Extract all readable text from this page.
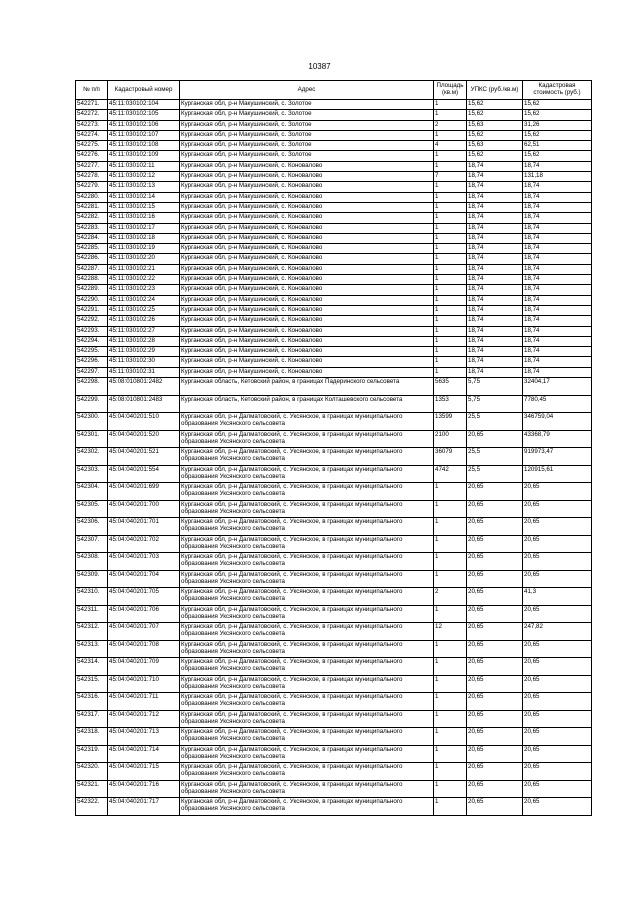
10387
№ п/п	Кадастровый номер	Адрес	Площадь (кв.м)	УПКС (руб./кв.м)	Кадастровая стоимость (руб.)
542271.	45:11:030102:104	Курганская обл, р-н Макушинский, с. Золотое	1	15,62	15,62
542272.	45:11:030102:105	Курганская обл, р-н Макушинский, с. Золотое	1	15,62	15,62
542273.	45:11:030102:106	Курганская обл, р-н Макушинский, с. Золотое	2	15,63	31,26
542274.	45:11:030102:107	Курганская обл, р-н Макушинский, с. Золотое	1	15,62	15,62
542275.	45:11:030102:108	Курганская обл, р-н Макушинский, с. Золотое	4	15,63	62,51
542276.	45:11:030102:109	Курганская обл, р-н Макушинский, с. Золотое	1	15,62	15,62
542277.	45:11:030102:11	Курганская обл, р-н Макушинский, с. Коновалово	1	18,74	18,74
542278.	45:11:030102:12	Курганская обл, р-н Макушинский, с. Коновалово	7	18,74	131,18
542279.	45:11:030102:13	Курганская обл, р-н Макушинский, с. Коновалово	1	18,74	18,74
542280.	45:11:030102:14	Курганская обл, р-н Макушинский, с. Коновалово	1	18,74	18,74
542281.	45:11:030102:15	Курганская обл, р-н Макушинский, с. Коновалово	1	18,74	18,74
542282.	45:11:030102:16	Курганская обл, р-н Макушинский, с. Коновалово	1	18,74	18,74
542283.	45:11:030102:17	Курганская обл, р-н Макушинский, с. Коновалово	1	18,74	18,74
542284.	45:11:030102:18	Курганская обл, р-н Макушинский, с. Коновалово	1	18,74	18,74
542285.	45:11:030102:19	Курганская обл, р-н Макушинский, с. Коновалово	1	18,74	18,74
542286.	45:11:030102:20	Курганская обл, р-н Макушинский, с. Коновалово	1	18,74	18,74
542287.	45:11:030102:21	Курганская обл, р-н Макушинский, с. Коновалово	1	18,74	18,74
542288.	45:11:030102:22	Курганская обл, р-н Макушинский, с. Коновалово	1	18,74	18,74
542289.	45:11:030102:23	Курганская обл, р-н Макушинский, с. Коновалово	1	18,74	18,74
542290.	45:11:030102:24	Курганская обл, р-н Макушинский, с. Коновалово	1	18,74	18,74
542291.	45:11:030102:25	Курганская обл, р-н Макушинский, с. Коновалово	1	18,74	18,74
542292.	45:11:030102:26	Курганская обл, р-н Макушинский, с. Коновалово	1	18,74	18,74
542293.	45:11:030102:27	Курганская обл, р-н Макушинский, с. Коновалово	1	18,74	18,74
542294.	45:11:030102:28	Курганская обл, р-н Макушинский, с. Коновалово	1	18,74	18,74
542295.	45:11:030102:29	Курганская обл, р-н Макушинский, с. Коновалово	1	18,74	18,74
542296.	45:11:030102:30	Курганская обл, р-н Макушинский, с. Коновалово	1	18,74	18,74
542297.	45:11:030102:31	Курганская обл, р-н Макушинский, с. Коновалово	1	18,74	18,74
542298.	45:08:010801:2482	Курганская область, Кетовский район, в границах Падеринского сельсовета	5635	5,75	32404,17
542299.	45:08:010801:2483	Курганская область, Кетовский район, в границах Колташевского сельсовета	1353	5,75	7780,45
542300.	45:04:040201:510	Курганская обл, р-н Далматовский, с. Уксянское, в границах муниципального образования Уксянского сельсовета	13599	25,5	346759,04
542301.	45:04:040201:520	Курганская обл, р-н Далматовский, с. Уксянское, в границах муниципального образования Уксянского сельсовета	2100	20,65	43368,79
542302.	45:04:040201:521	Курганская обл, р-н Далматовский, с. Уксянское, в границах муниципального образования Уксянского сельсовета	36079	25,5	919973,47
542303.	45:04:040201:554	Курганская обл, р-н Далматовский, с. Уксянское, в границах муниципального образования Уксянского сельсовета	4742	25,5	120915,61
542304.	45:04:040201:699	Курганская обл, р-н Далматовский, с. Уксянское, в границах муниципального образования Уксянского сельсовета	1	20,65	20,65
542305.	45:04:040201:700	Курганская обл, р-н Далматовский, с. Уксянское, в границах муниципального образования Уксянского сельсовета	1	20,65	20,65
542306.	45:04:040201:701	Курганская обл, р-н Далматовский, с. Уксянское, в границах муниципального образования Уксянского сельсовета	1	20,65	20,65
542307.	45:04:040201:702	Курганская обл, р-н Далматовский, с. Уксянское, в границах муниципального образования Уксянского сельсовета	1	20,65	20,65
542308.	45:04:040201:703	Курганская обл, р-н Далматовский, с. Уксянское, в границах муниципального образования Уксянского сельсовета	1	20,65	20,65
542309.	45:04:040201:704	Курганская обл, р-н Далматовский, с. Уксянское, в границах муниципального образования Уксянского сельсовета	1	20,65	20,65
542310.	45:04:040201:705	Курганская обл, р-н Далматовский, с. Уксянское, в границах муниципального образования Уксянского сельсовета	2	20,65	41,3
542311.	45:04:040201:706	Курганская обл, р-н Далматовский, с. Уксянское, в границах муниципального образования Уксянского сельсовета	1	20,65	20,65
542312.	45:04:040201:707	Курганская обл, р-н Далматовский, с. Уксянское, в границах муниципального образования Уксянского сельсовета	12	20,65	247,82
542313.	45:04:040201:708	Курганская обл, р-н Далматовский, с. Уксянское, в границах муниципального образования Уксянского сельсовета	1	20,65	20,65
542314.	45:04:040201:709	Курганская обл, р-н Далматовский, с. Уксянское, в границах муниципального образования Уксянского сельсовета	1	20,65	20,65
542315.	45:04:040201:710	Курганская обл, р-н Далматовский, с. Уксянское, в границах муниципального образования Уксянского сельсовета	1	20,65	20,65
542316.	45:04:040201:711	Курганская обл, р-н Далматовский, с. Уксянское, в границах муниципального образования Уксянского сельсовета	1	20,65	20,65
542317.	45:04:040201:712	Курганская обл, р-н Далматовский, с. Уксянское, в границах муниципального образования Уксянского сельсовета	1	20,65	20,65
542318.	45:04:040201:713	Курганская обл, р-н Далматовский, с. Уксянское, в границах муниципального образования Уксянского сельсовета	1	20,65	20,65
542319.	45:04:040201:714	Курганская обл, р-н Далматовский, с. Уксянское, в границах муниципального образования Уксянского сельсовета	1	20,65	20,65
542320.	45:04:040201:715	Курганская обл, р-н Далматовский, с. Уксянское, в границах муниципального образования Уксянского сельсовета	1	20,65	20,65
542321.	45:04:040201:716	Курганская обл, р-н Далматовский, с. Уксянское, в границах муниципального образования Уксянского сельсовета	1	20,65	20,65
542322.	45:04:040201:717	Курганская обл, р-н Далматовский, с. Уксянское, в границах муниципального образования Уксянского сельсовета	1	20,65	20,65
